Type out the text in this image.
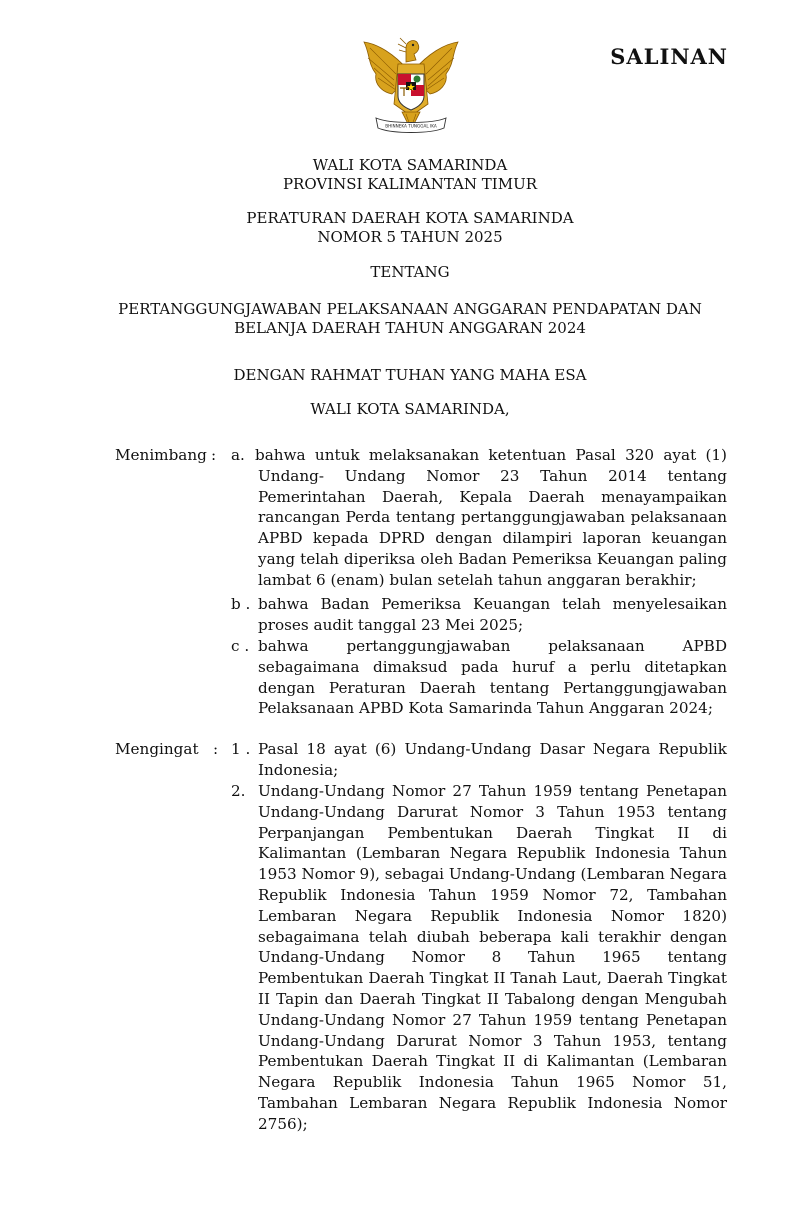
SALINAN
BHINNEKA TUNGGAL IKA
WALI KOTA SAMARINDA
PROVINSI KALIMANTAN TIMUR
PERATURAN DAERAH KOTA SAMARINDA
NOMOR 5 TAHUN 2025
TENTANG
PERTANGGUNGJAWABAN PELAKSANAAN ANGGARAN PENDAPATAN DAN
BELANJA DAERAH TAHUN ANGGARAN 2024
DENGAN RAHMAT TUHAN YANG MAHA ESA
WALI KOTA SAMARINDA,
Menimbang : a. bahwa untuk melaksanakan ketentuan Pasal 320 ayat (1) Undang- Undang Nomor 23 Tahun 2014 tentang Pemerintahan Daerah, Kepala Daerah menayampaikan rancangan Perda tentang pertanggungjawaban pelaksanaan APBD kepada DPRD dengan dilampiri laporan keuangan yang telah diperiksa oleh Badan Pemeriksa Keuangan paling lambat 6 (enam) bulan setelah tahun anggaran berakhir;
b . bahwa Badan Pemeriksa Keuangan telah menyelesaikan proses audit tanggal 23 Mei 2025;
c . bahwa pertanggungjawaban pelaksanaan APBD sebagaimana dimaksud pada huruf a perlu ditetapkan dengan Peraturan Daerah tentang Pertanggungjawaban Pelaksanaan APBD Kota Samarinda Tahun Anggaran 2024;
Mengingat : 1 . Pasal 18 ayat (6) Undang-Undang Dasar Negara Republik Indonesia;
2. Undang-Undang Nomor 27 Tahun 1959 tentang Penetapan Undang-Undang Darurat Nomor 3 Tahun 1953 tentang Perpanjangan Pembentukan Daerah Tingkat II di Kalimantan (Lembaran Negara Republik Indonesia Tahun 1953 Nomor 9), sebagai Undang-Undang (Lembaran Negara Republik Indonesia Tahun 1959 Nomor 72, Tambahan Lembaran Negara Republik Indonesia Nomor 1820) sebagaimana telah diubah beberapa kali terakhir dengan Undang-Undang Nomor 8 Tahun 1965 tentang Pembentukan Daerah Tingkat II Tanah Laut, Daerah Tingkat II Tapin dan Daerah Tingkat II Tabalong dengan Mengubah Undang-Undang Nomor 27 Tahun 1959 tentang Penetapan Undang-Undang Darurat Nomor 3 Tahun 1953, tentang Pembentukan Daerah Tingkat II di Kalimantan (Lembaran Negara Republik Indonesia Tahun 1965 Nomor 51, Tambahan Lembaran Negara Republik Indonesia Nomor 2756);
